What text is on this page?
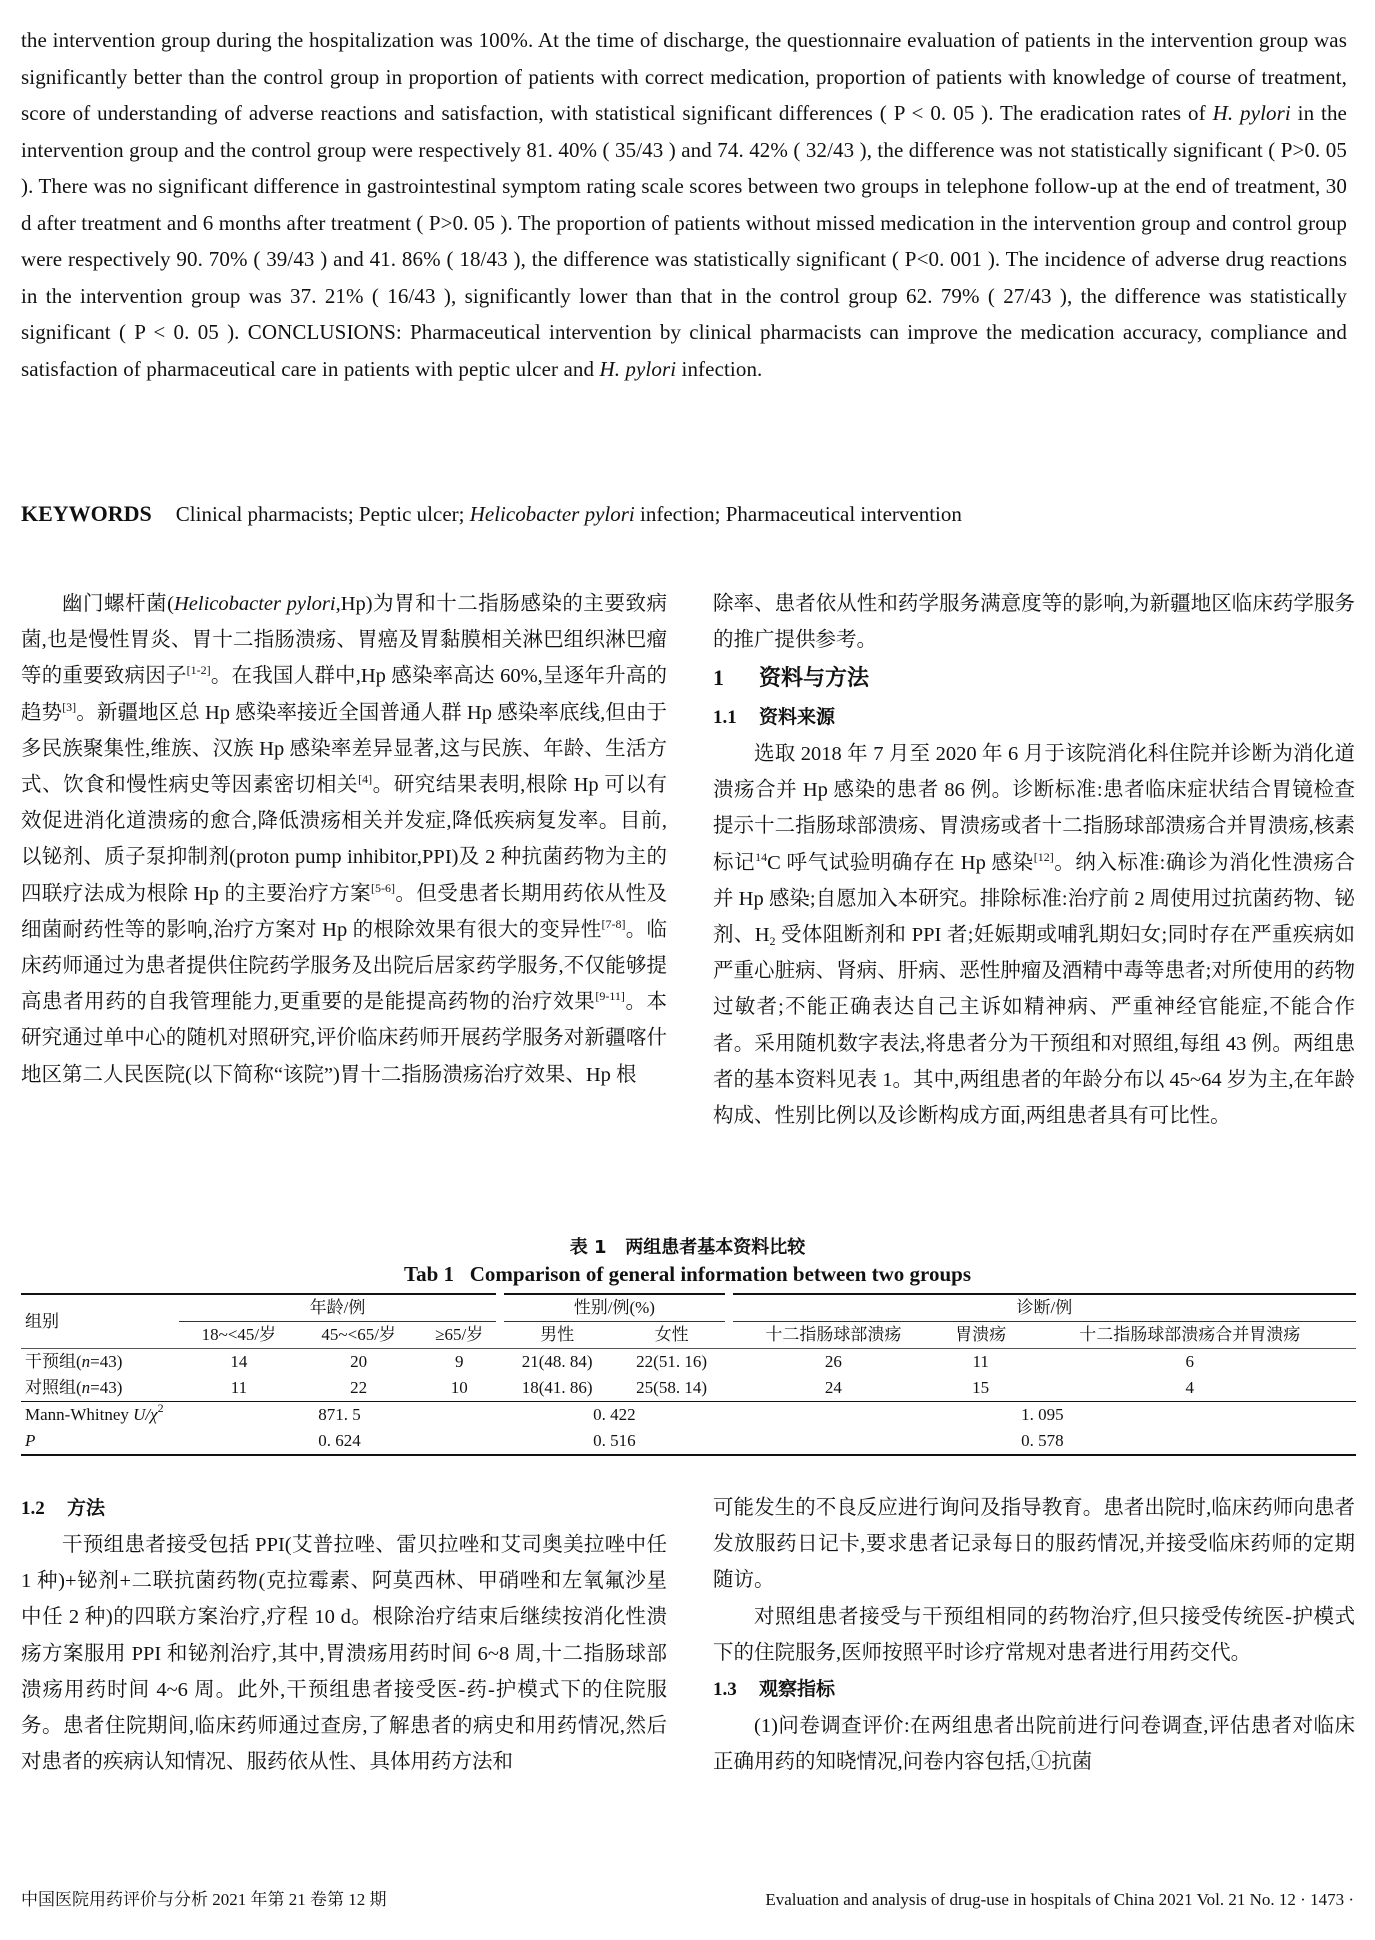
the intervention group during the hospitalization was 100%. At the time of discharge, the questionnaire evaluation of patients in the intervention group was significantly better than the control group in proportion of patients with correct medication, proportion of patients with knowledge of course of treatment, score of understanding of adverse reactions and satisfaction, with statistical significant differences ( P < 0. 05 ). The eradication rates of H. pylori in the intervention group and the control group were respectively 81. 40% ( 35/43 ) and 74. 42% ( 32/43 ), the difference was not statistically significant ( P>0. 05 ). There was no significant difference in gastrointestinal symptom rating scale scores between two groups in telephone follow-up at the end of treatment, 30 d after treatment and 6 months after treatment ( P>0. 05 ). The proportion of patients without missed medication in the intervention group and control group were respectively 90. 70% ( 39/43 ) and 41. 86% ( 18/43 ), the difference was statistically significant ( P<0. 001 ). The incidence of adverse drug reactions in the intervention group was 37. 21% ( 16/43 ), significantly lower than that in the control group 62. 79% ( 27/43 ), the difference was statistically significant ( P < 0. 05 ). CONCLUSIONS: Pharmaceutical intervention by clinical pharmacists can improve the medication accuracy, compliance and satisfaction of pharmaceutical care in patients with peptic ulcer and H. pylori infection.
KEYWORDS Clinical pharmacists; Peptic ulcer; Helicobacter pylori infection; Pharmaceutical intervention

幽门螺杆菌(Helicobacter pylori,Hp)为胃和十二指肠感染的主要致病菌,也是慢性胃炎、胃十二指肠溃疡、胃癌及胃黏膜相关淋巴组织淋巴瘤等的重要致病因子[1-2]。在我国人群中,Hp 感染率高达 60%,呈逐年升高的趋势[3]。新疆地区总 Hp 感染率接近全国普通人群 Hp 感染率底线,但由于多民族聚集性,维族、汉族 Hp 感染率差异显著,这与民族、年龄、生活方式、饮食和慢性病史等因素密切相关[4]。研究结果表明,根除 Hp 可以有效促进消化道溃疡的愈合,降低溃疡相关并发症,降低疾病复发率。目前,以铋剂、质子泵抑制剂(proton pump inhibitor,PPI)及 2 种抗菌药物为主的四联疗法成为根除 Hp 的主要治疗方案[5-6]。但受患者长期用药依从性及细菌耐药性等的影响,治疗方案对 Hp 的根除效果有很大的变异性[7-8]。临床药师通过为患者提供住院药学服务及出院后居家药学服务,不仅能够提高患者用药的自我管理能力,更重要的是能提高药物的治疗效果[9-11]。本研究通过单中心的随机对照研究,评价临床药师开展药学服务对新疆喀什地区第二人民医院(以下简称“该院”)胃十二指肠溃疡治疗效果、Hp 根

除率、患者依从性和药学服务满意度等的影响,为新疆地区临床药学服务的推广提供参考。

1 资料与方法
1.1 资料来源

选取 2018 年 7 月至 2020 年 6 月于该院消化科住院并诊断为消化道溃疡合并 Hp 感染的患者 86 例。诊断标准:患者临床症状结合胃镜检查提示十二指肠球部溃疡、胃溃疡或者十二指肠球部溃疡合并胃溃疡,核素标记$^{14}$C 呼气试验明确存在 Hp 感染[12]。纳入标准:确诊为消化性溃疡合并 Hp 感染;自愿加入本研究。排除标准:治疗前 2 周使用过抗菌药物、铋剂、$H_2$ 受体阻断剂和 PPI 者;妊娠期或哺乳期妇女;同时存在严重疾病如严重心脏病、肾病、肝病、恶性肿瘤及酒精中毒等患者;对所使用的药物过敏者;不能正确表达自己主诉如精神病、严重神经官能症,不能合作者。采用随机数字表法,将患者分为干预组和对照组,每组 43 例。两组患者的基本资料见表 1。其中,两组患者的年龄分布以 45~64 岁为主,在年龄构成、性别比例以及诊断构成方面,两组患者具有可比性。

表 1 两组患者基本资料比较
Tab 1 Comparison of general information between two groups
组别	年龄/例			性别/例(%)		诊断/例		
	18~<45/岁	45~<65/岁	≥65/岁	男性	女性	十二指肠球部溃疡	胃溃疡	十二指肠球部溃疡合并胃溃疡
干预组(n=43)	14	20	9	21(48. 84)	22(51. 16)	26	11	6
对照组(n=43)	11	22	10	18(41. 86)	25(58. 14)	24	15	4
Mann-Whitney $U/\chi^2$	871. 5			0. 422		1. 095		
P	0. 624			0. 516		0. 578		
1.2 方法

干预组患者接受包括 PPI(艾普拉唑、雷贝拉唑和艾司奥美拉唑中任 1 种)+铋剂+二联抗菌药物(克拉霉素、阿莫西林、甲硝唑和左氧氟沙星中任 2 种)的四联方案治疗,疗程 10 d。根除治疗结束后继续按消化性溃疡方案服用 PPI 和铋剂治疗,其中,胃溃疡用药时间 6~8 周,十二指肠球部溃疡用药时间 4~6 周。此外,干预组患者接受医-药-护模式下的住院服务。患者住院期间,临床药师通过查房,了解患者的病史和用药情况,然后对患者的疾病认知情况、服药依从性、具体用药方法和

可能发生的不良反应进行询问及指导教育。患者出院时,临床药师向患者发放服药日记卡,要求患者记录每日的服药情况,并接受临床药师的定期随访。

对照组患者接受与干预组相同的药物治疗,但只接受传统医-护模式下的住院服务,医师按照平时诊疗常规对患者进行用药交代。

1.3 观察指标

(1)问卷调查评价:在两组患者出院前进行问卷调查,评估患者对临床正确用药的知晓情况,问卷内容包括,①抗菌

中国医院用药评价与分析 2021 年第 21 卷第 12 期	Evaluation and analysis of drug-use in hospitals of China 2021 Vol. 21 No. 12 · 1473 ·
